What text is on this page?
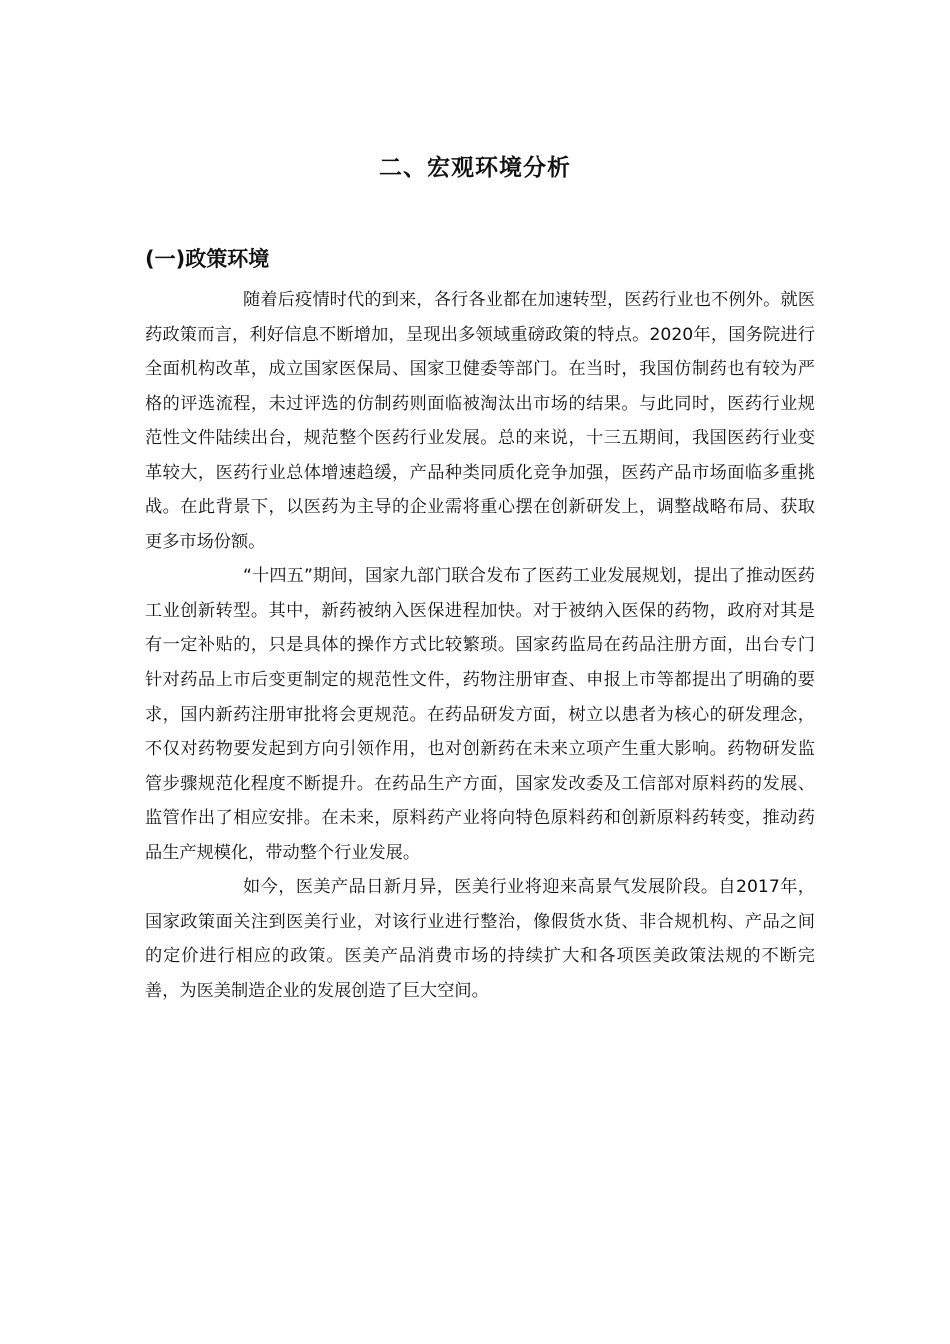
二、宏观环境分析
(一)政策环境

随着后疫情时代的到来，各行各业都在加速转型，医药行业也不例外。就医药政策而言，利好信息不断增加，呈现出多领域重磅政策的特点。2020年，国务院进行全面机构改革，成立国家医保局、国家卫健委等部门。在当时，我国仿制药也有较为严格的评选流程，未过评选的仿制药则面临被淘汰出市场的结果。与此同时，医药行业规范性文件陆续出台，规范整个医药行业发展。总的来说，十三五期间，我国医药行业变革较大，医药行业总体增速趋缓，产品种类同质化竞争加强，医药产品市场面临多重挑战。在此背景下，以医药为主导的企业需将重心摆在创新研发上，调整战略布局、获取更多市场份额。

“十四五”期间，国家九部门联合发布了医药工业发展规划，提出了推动医药工业创新转型。其中，新药被纳入医保进程加快。对于被纳入医保的药物，政府对其是有一定补贴的，只是具体的操作方式比较繁琐。国家药监局在药品注册方面，出台专门针对药品上市后变更制定的规范性文件，药物注册审查、申报上市等都提出了明确的要求，国内新药注册审批将会更规范。在药品研发方面，树立以患者为核心的研发理念，不仅对药物要发起到方向引领作用，也对创新药在未来立项产生重大影响。药物研发监管步骤规范化程度不断提升。在药品生产方面，国家发改委及工信部对原料药的发展、监管作出了相应安排。在未来，原料药产业将向特色原料药和创新原料药转变，推动药品生产规模化，带动整个行业发展。

如今，医美产品日新月异，医美行业将迎来高景气发展阶段。自2017年，国家政策面关注到医美行业，对该行业进行整治，像假货水货、非合规机构、产品之间的定价进行相应的政策。医美产品消费市场的持续扩大和各项医美政策法规的不断完善，为医美制造企业的发展创造了巨大空间。
